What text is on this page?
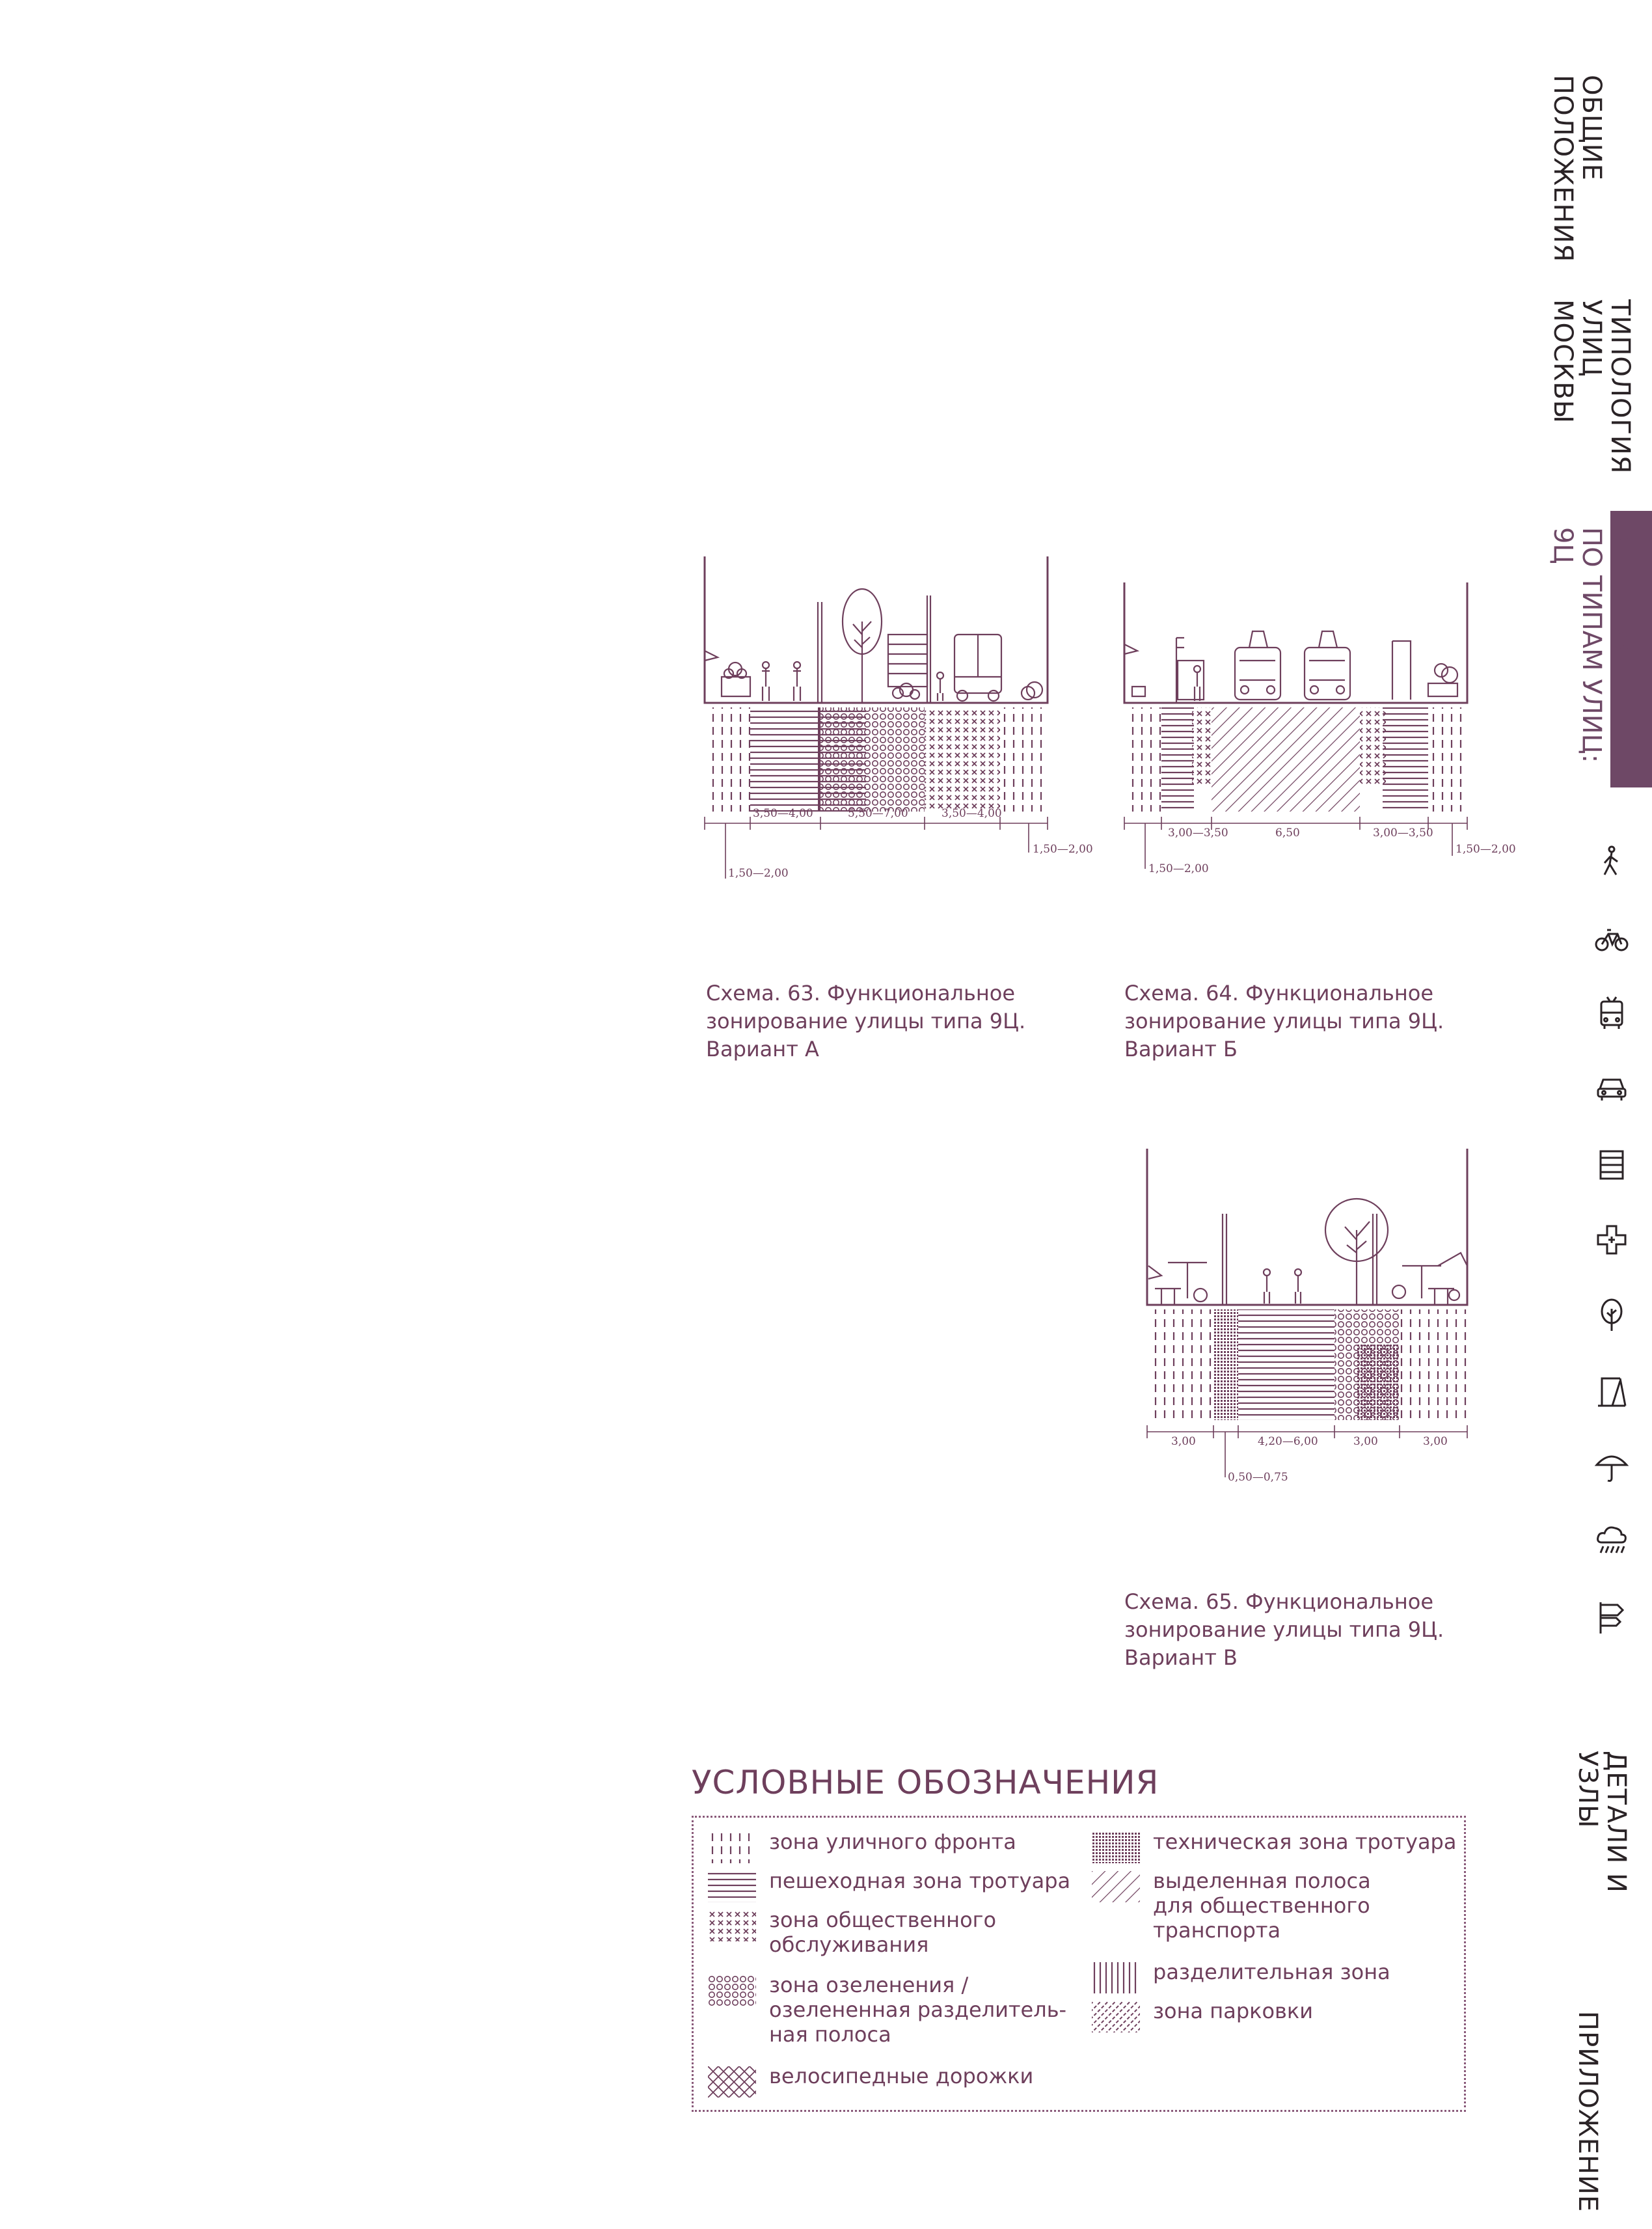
ОБЩИЕ
ПОЛОЖЕНИЯ
ТИПОЛОГИЯ
УЛИЦ МОСКВЫ
РЕШЕНИЯ
ПО ТИПАМ УЛИЦ: 9Ц
ДЕТАЛИ И УЗЛЫ
ПРИЛОЖЕНИЕ
3,50—4,00	5,50—7,00	3,50—4,00
1,50—2,00
1,50—2,00
Схема. 63. Функциональное
зонирование улицы типа 9Ц.
Вариант А
3,00—3,50	6,50	3,00—3,50
1,50—2,00
1,50—2,00
Схема. 64. Функциональное
зонирование улицы типа 9Ц.
Вариант Б
3,00	4,20—6,00	3,00	3,00
0,50—0,75
Схема. 65. Функциональное
зонирование улицы типа 9Ц.
Вариант В
УСЛОВНЫЕ ОБОЗНАЧЕНИЯ
зона уличного фронта
пешеходная зона тротуара
зона общественного
обслуживания
зона озеленения /
озелененная разделитель-
ная полоса
велосипедные дорожки
техническая зона тротуара
выделенная полоса
для общественного
транспорта
разделительная зона
зона парковки
